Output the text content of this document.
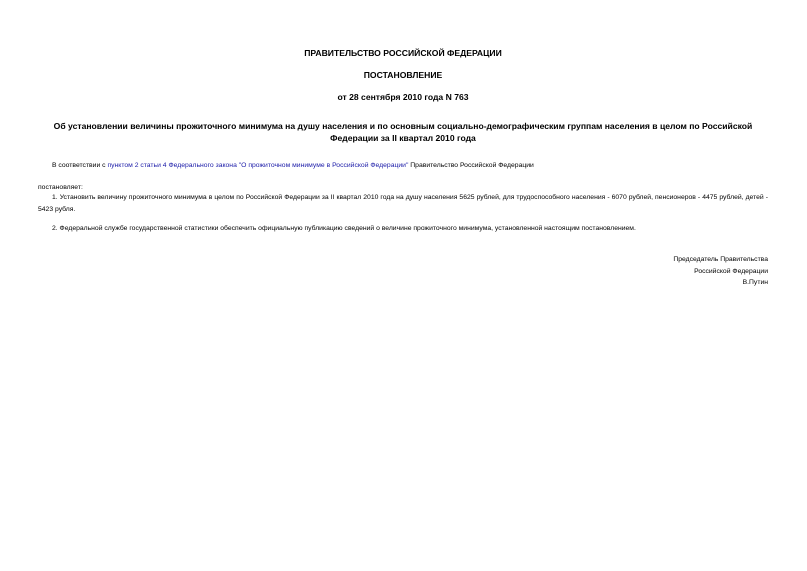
ПРАВИТЕЛЬСТВО РОССИЙСКОЙ ФЕДЕРАЦИИ
ПОСТАНОВЛЕНИЕ
от 28 сентября 2010 года N 763
Об установлении величины прожиточного минимума на душу населения и по основным социально-демографическим группам населения в целом по Российской Федерации за II квартал 2010 года
В соответствии с пунктом 2 статьи 4 Федерального закона "О прожиточном минимуме в Российской Федерации" Правительство Российской Федерации
постановляет:
1. Установить величину прожиточного минимума в целом по Российской Федерации за II квартал 2010 года на душу населения 5625 рублей, для трудоспособного населения - 6070 рублей, пенсионеров - 4475 рублей, детей - 5423 рубля.
2. Федеральной службе государственной статистики обеспечить официальную публикацию сведений о величине прожиточного минимума, установленной настоящим постановлением.
Председатель Правительства
Российской Федерации
В.Путин
